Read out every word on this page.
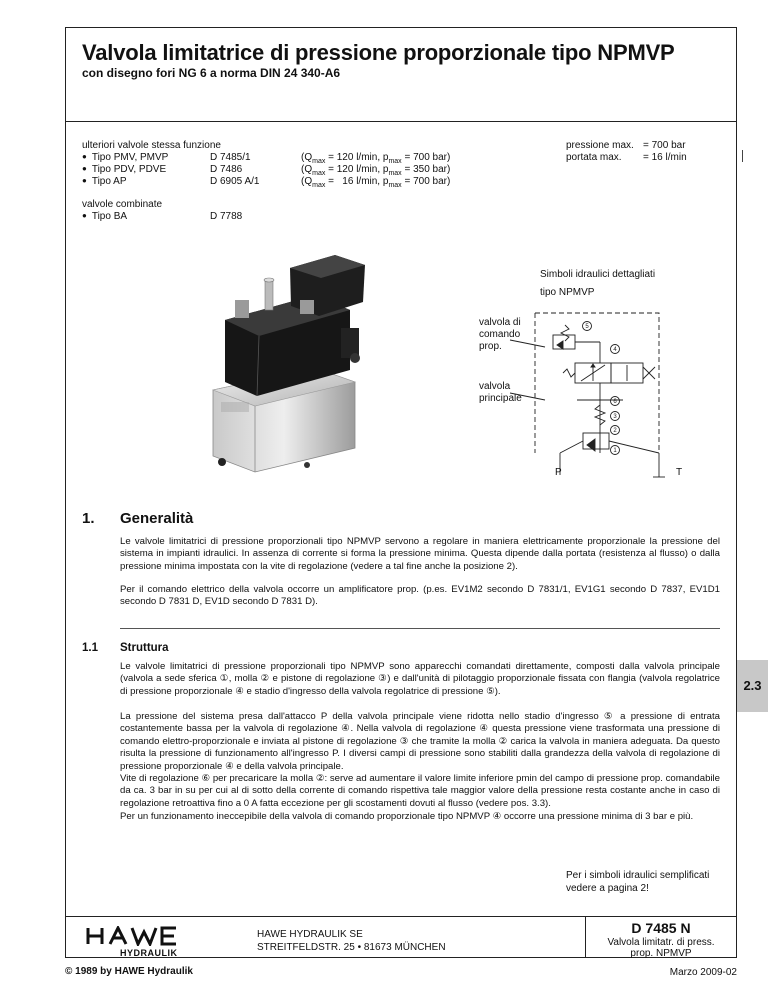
Valvola limitatrice di pressione proporzionale tipo NPMVP
con disegno fori NG 6 a norma DIN 24 340-A6
ulteriori valvole stessa funzione
● Tipo PMV, PMVP	D 7485/1	($Q_{max} = 120$ l/min, $p_{max} = 700$ bar)
● Tipo PDV, PDVE	D 7486	($Q_{max} = 120$ l/min, $p_{max} = 350$ bar)
● Tipo AP	D 6905 A/1	($Q_{max} = 16$ l/min, $p_{max} = 700$ bar)
valvole combinate
● Tipo BA	D 7788
pressione max. = 700 bar
portata max. = 16 l/min
Simboli idraulici dettagliati
tipo NPMVP
valvola di
comando
prop.
valvola
principale
5
4
6
3
2
1
P	T
1. Generalità
Le valvole limitatrici di pressione proporzionali tipo NPMVP servono a regolare in maniera elettricamente proporzionale la pressione del sistema in impianti idraulici. In assenza di corrente si forma la pressione minima. Questa dipende dalla portata (resistenza al flusso) o dalla pressione minima impostata con la vite di regolazione (vedere a tal fine anche la posizione 2).
Per il comando elettrico della valvola occorre un amplificatore prop. (p.es. EV1M2 secondo D 7831/1, EV1G1 secondo D 7837, EV1D1 secondo D 7831 D, EV1D secondo D 7831 D).
1.1 Struttura
Le valvole limitatrici di pressione proporzionali tipo NPMVP sono apparecchi comandati direttamente, composti dalla valvola principale (valvola a sede sferica ①, molla ② e pistone di regolazione ③) e dall'unità di pilotaggio proporzionale fissata con flangia (valvola regolatrice di pressione proporzionale ④ e stadio d'ingresso della valvola regolatrice di pressione ⑤).
La pressione del sistema presa dall'attacco P della valvola principale viene ridotta nello stadio d'ingresso ⑤ a pressione di entrata costantemente bassa per la valvola di regolazione ④. Nella valvola di regolazione ④ questa pressione viene trasformata una pressione di comando elettro-proporzionale e inviata al pistone di regolazione ③ che tramite la molla ② carica la valvola in maniera adeguata. Da questo risulta la pressione di funzionamento all'ingresso P. I diversi campi di pressione sono stabiliti dalla grandezza della valvola di regolazione di pressione proporzionale ④ e della valvola principale.
Vite di regolazione ⑥ per precaricare la molla ②: serve ad aumentare il valore limite inferiore pmin del campo di pressione prop. comandabile da ca. 3 bar in su per cui al di sotto della corrente di comando rispettiva tale maggior valore della pressione resta costante anche in caso di regolazione retroattiva fino a 0 A fatta eccezione per gli scostamenti dovuti al flusso (vedere pos. 3.3).
Per un funzionamento ineccepibile della valvola di comando proporzionale tipo NPMVP ④ occorre una pressione minima di 3 bar e più.
2.3
Per i simboli idraulici semplificati
vedere a pagina 2!
HAWE
HYDRAULIK
HAWE HYDRAULIK SE
STREITFELDSTR. 25 • 81673 MÜNCHEN
D 7485 N
Valvola limitatr. di press.
prop. NPMVP
© 1989 by HAWE Hydraulik	Marzo 2009-02
